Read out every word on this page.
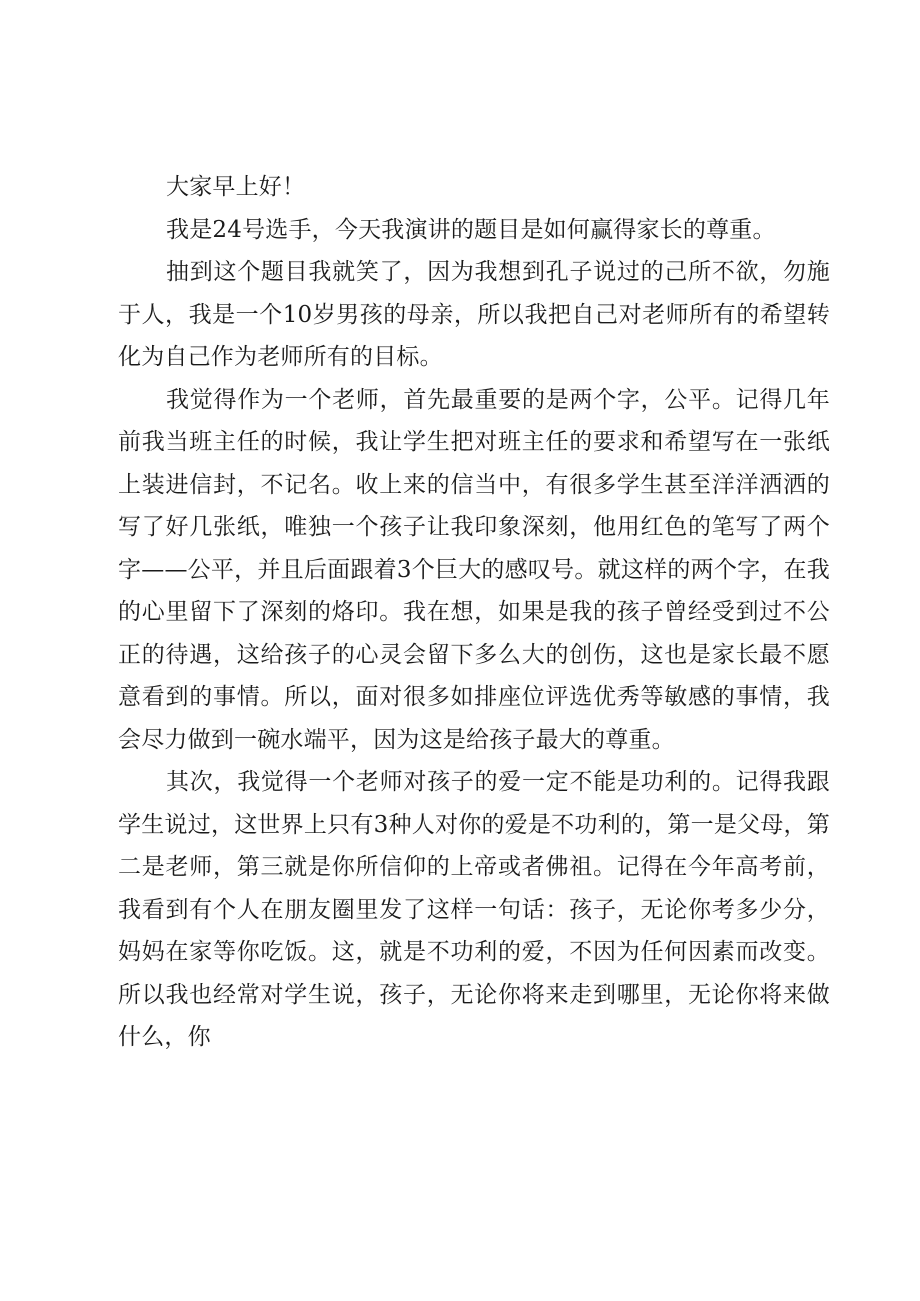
大家早上好！

我是24号选手，今天我演讲的题目是如何赢得家长的尊重。

抽到这个题目我就笑了，因为我想到孔子说过的己所不欲，勿施于人，我是一个10岁男孩的母亲，所以我把自己对老师所有的希望转化为自己作为老师所有的目标。

我觉得作为一个老师，首先最重要的是两个字，公平。记得几年前我当班主任的时候，我让学生把对班主任的要求和希望写在一张纸上装进信封，不记名。收上来的信当中，有很多学生甚至洋洋洒洒的写了好几张纸，唯独一个孩子让我印象深刻，他用红色的笔写了两个字——公平，并且后面跟着3个巨大的感叹号。就这样的两个字，在我的心里留下了深刻的烙印。我在想，如果是我的孩子曾经受到过不公正的待遇，这给孩子的心灵会留下多么大的创伤，这也是家长最不愿意看到的事情。所以，面对很多如排座位评选优秀等敏感的事情，我会尽力做到一碗水端平，因为这是给孩子最大的尊重。

其次，我觉得一个老师对孩子的爱一定不能是功利的。记得我跟学生说过，这世界上只有3种人对你的爱是不功利的，第一是父母，第二是老师，第三就是你所信仰的上帝或者佛祖。记得在今年高考前，我看到有个人在朋友圈里发了这样一句话：孩子，无论你考多少分，妈妈在家等你吃饭。这，就是不功利的爱，不因为任何因素而改变。所以我也经常对学生说，孩子，无论你将来走到哪里，无论你将来做什么，你
